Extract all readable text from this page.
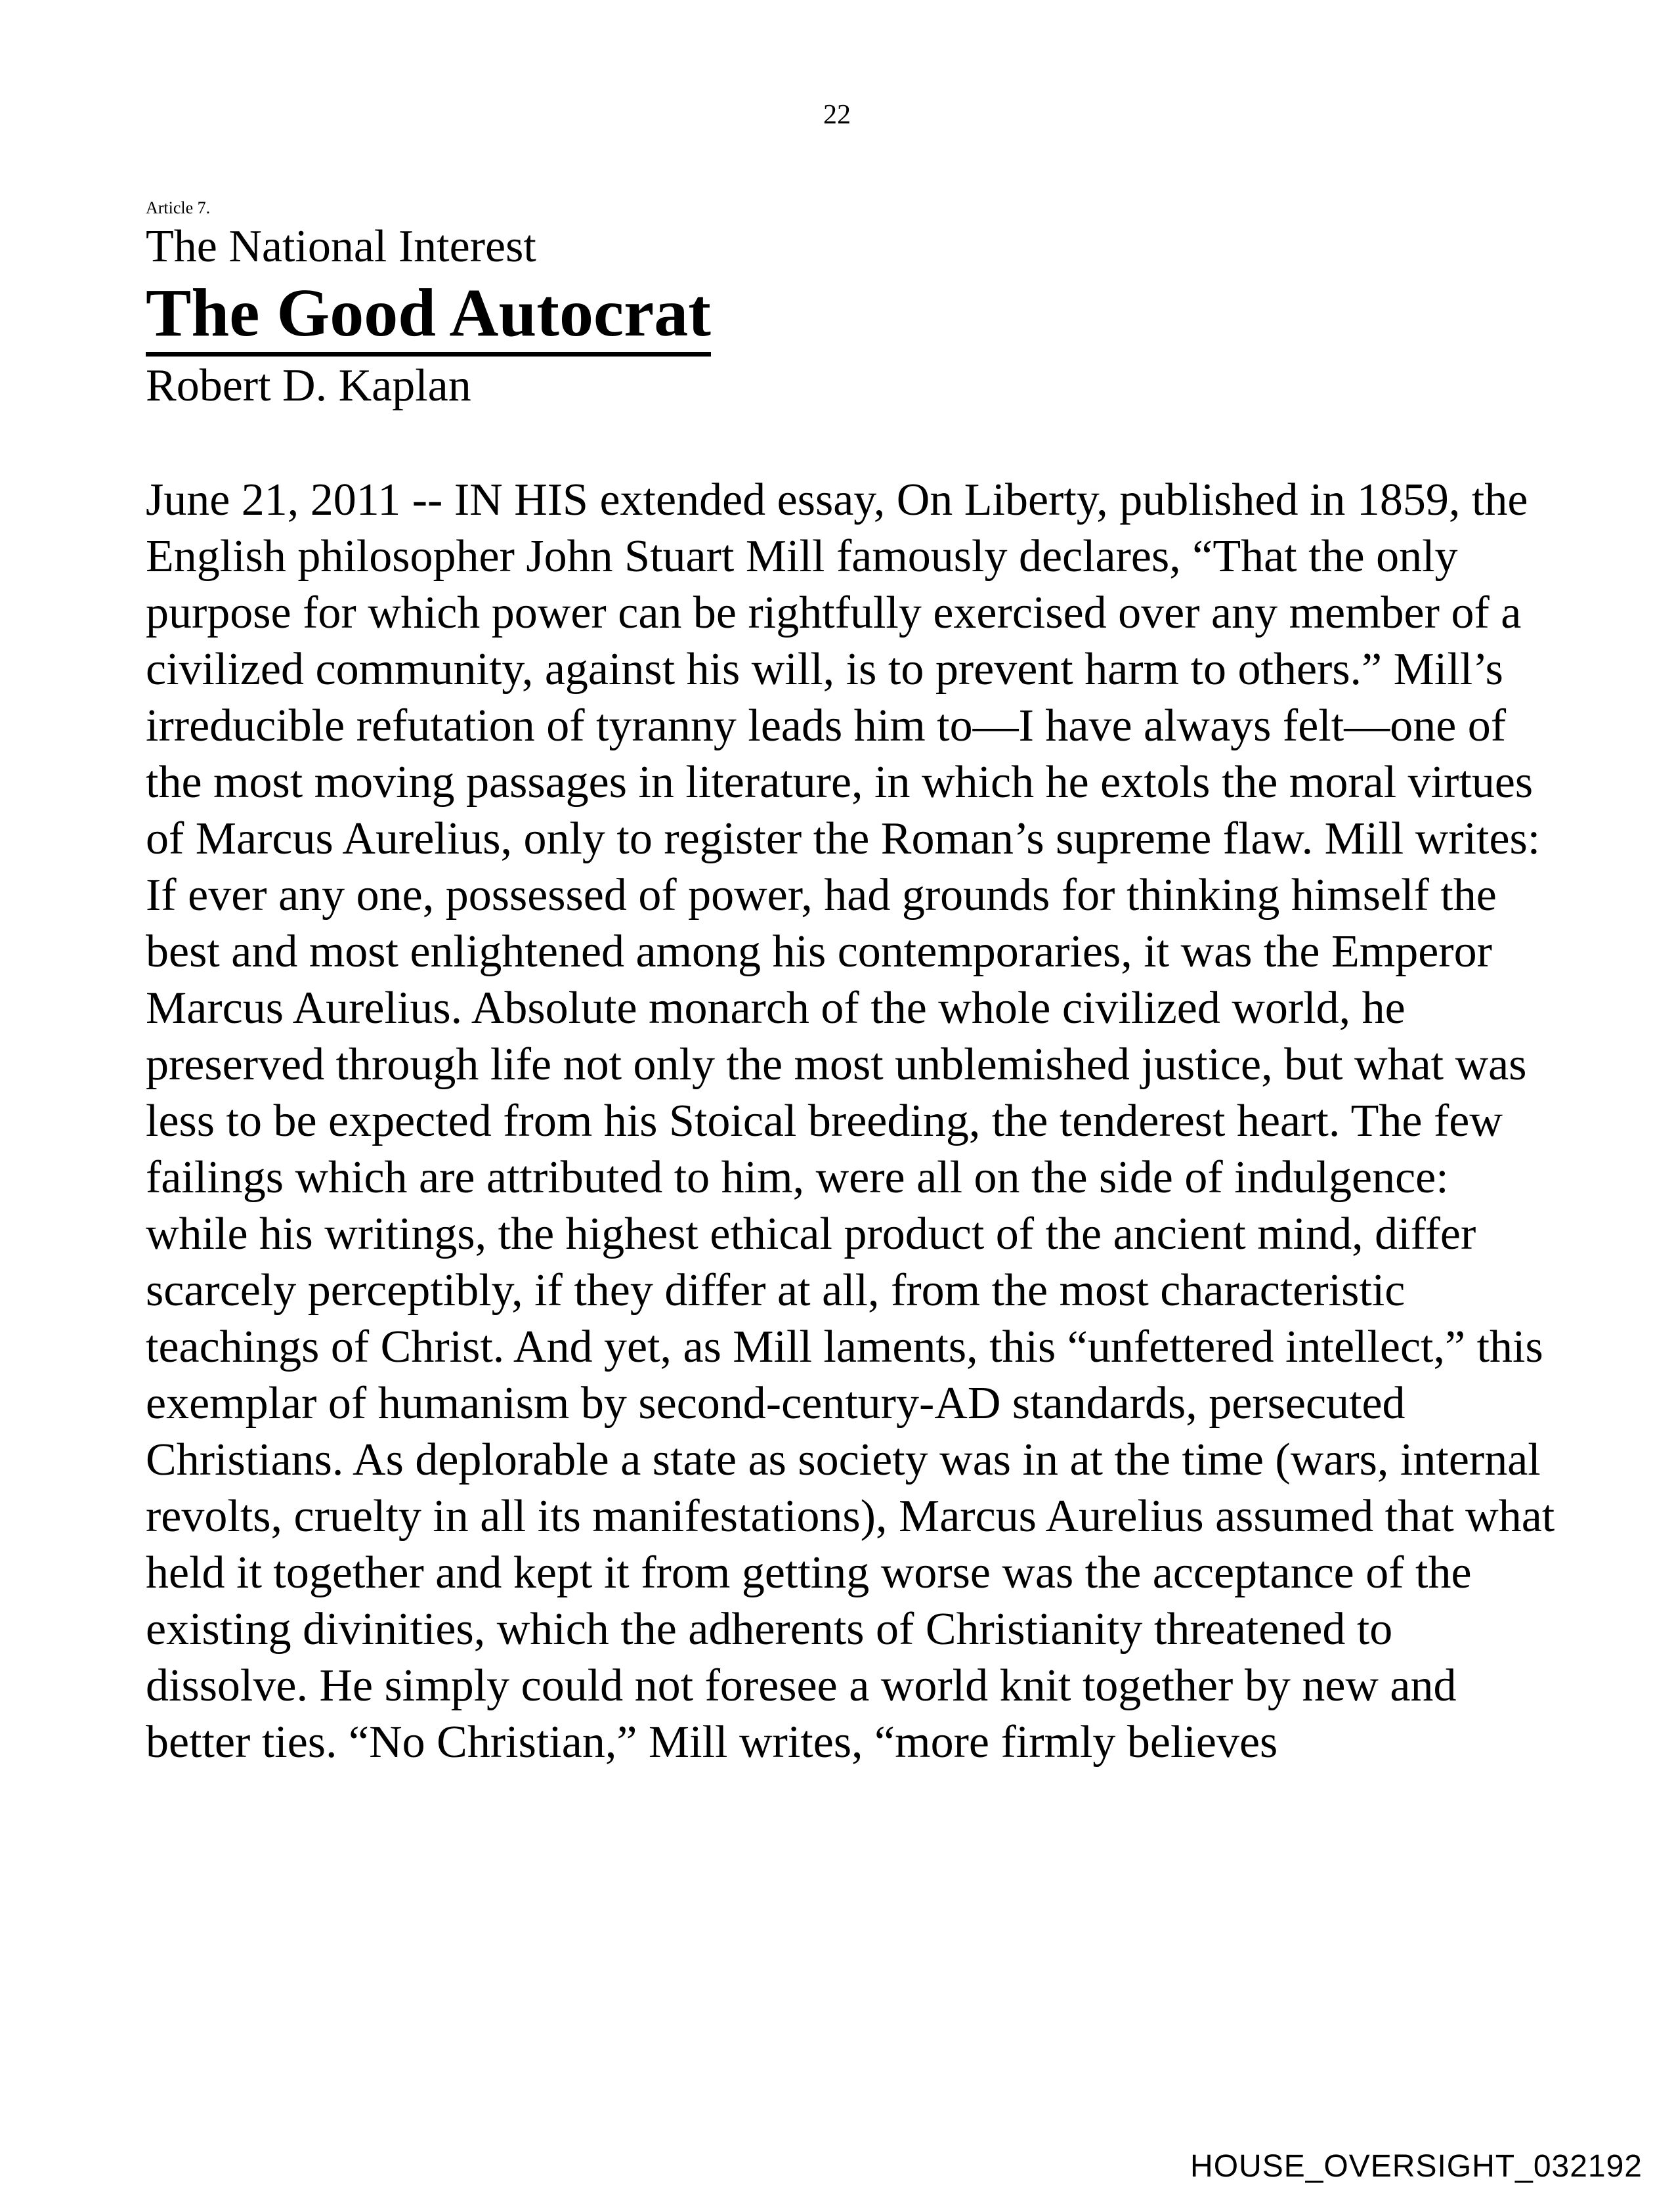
22
Article 7.
The National Interest
The Good Autocrat
Robert D. Kaplan

June 21, 2011 -- IN HIS extended essay, On Liberty, published in 1859, the English philosopher John Stuart Mill famously declares, “That the only purpose for which power can be rightfully exercised over any member of a civilized community, against his will, is to prevent harm to others.” Mill’s irreducible refutation of tyranny leads him to—I have always felt—one of the most moving passages in literature, in which he extols the moral virtues of Marcus Aurelius, only to register the Roman’s supreme flaw. Mill writes:

If ever any one, possessed of power, had grounds for thinking himself the best and most enlightened among his contemporaries, it was the Emperor Marcus Aurelius. Absolute monarch of the whole civilized world, he preserved through life not only the most unblemished justice, but what was less to be expected from his Stoical breeding, the tenderest heart. The few failings which are attributed to him, were all on the side of indulgence: while his writings, the highest ethical product of the ancient mind, differ scarcely perceptibly, if they differ at all, from the most characteristic teachings of Christ. And yet, as Mill laments, this “unfettered intellect,” this exemplar of humanism by second-century-AD standards, persecuted Christians. As deplorable a state as society was in at the time (wars, internal revolts, cruelty in all its manifestations), Marcus Aurelius assumed that what held it together and kept it from getting worse was the acceptance of the existing divinities, which the adherents of Christianity threatened to dissolve. He simply could not foresee a world knit together by new and better ties. “No Christian,” Mill writes, “more firmly believes

HOUSE_OVERSIGHT_032192
